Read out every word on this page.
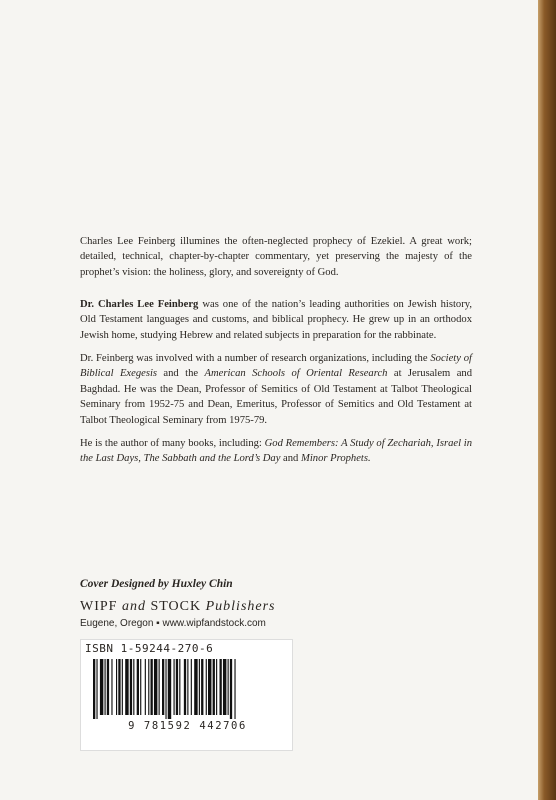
Charles Lee Feinberg illumines the often-neglected prophecy of Ezekiel. A great work; detailed, technical, chapter-by-chapter commentary, yet preserving the majesty of the prophet’s vision: the holiness, glory, and sovereignty of God.

Dr. Charles Lee Feinberg was one of the nation’s leading authorities on Jewish history, Old Testament languages and customs, and biblical prophecy. He grew up in an orthodox Jewish home, studying Hebrew and related subjects in preparation for the rabbinate.

Dr. Feinberg was involved with a number of research organizations, including the Society of Biblical Exegesis and the American Schools of Oriental Research at Jerusalem and Baghdad. He was the Dean, Professor of Semitics of Old Testament at Talbot Theological Seminary from 1952-75 and Dean, Emeritus, Professor of Semitics and Old Testament at Talbot Theological Seminary from 1975-79.

He is the author of many books, including: God Remembers: A Study of Zechariah, Israel in the Last Days, The Sabbath and the Lord’s Day and Minor Prophets.

Cover Designed by Huxley Chin
WIPF and STOCK Publishers
Eugene, Oregon ▪ www.wipfandstock.com
ISBN 1-59244-270-6
9 781592 442706
